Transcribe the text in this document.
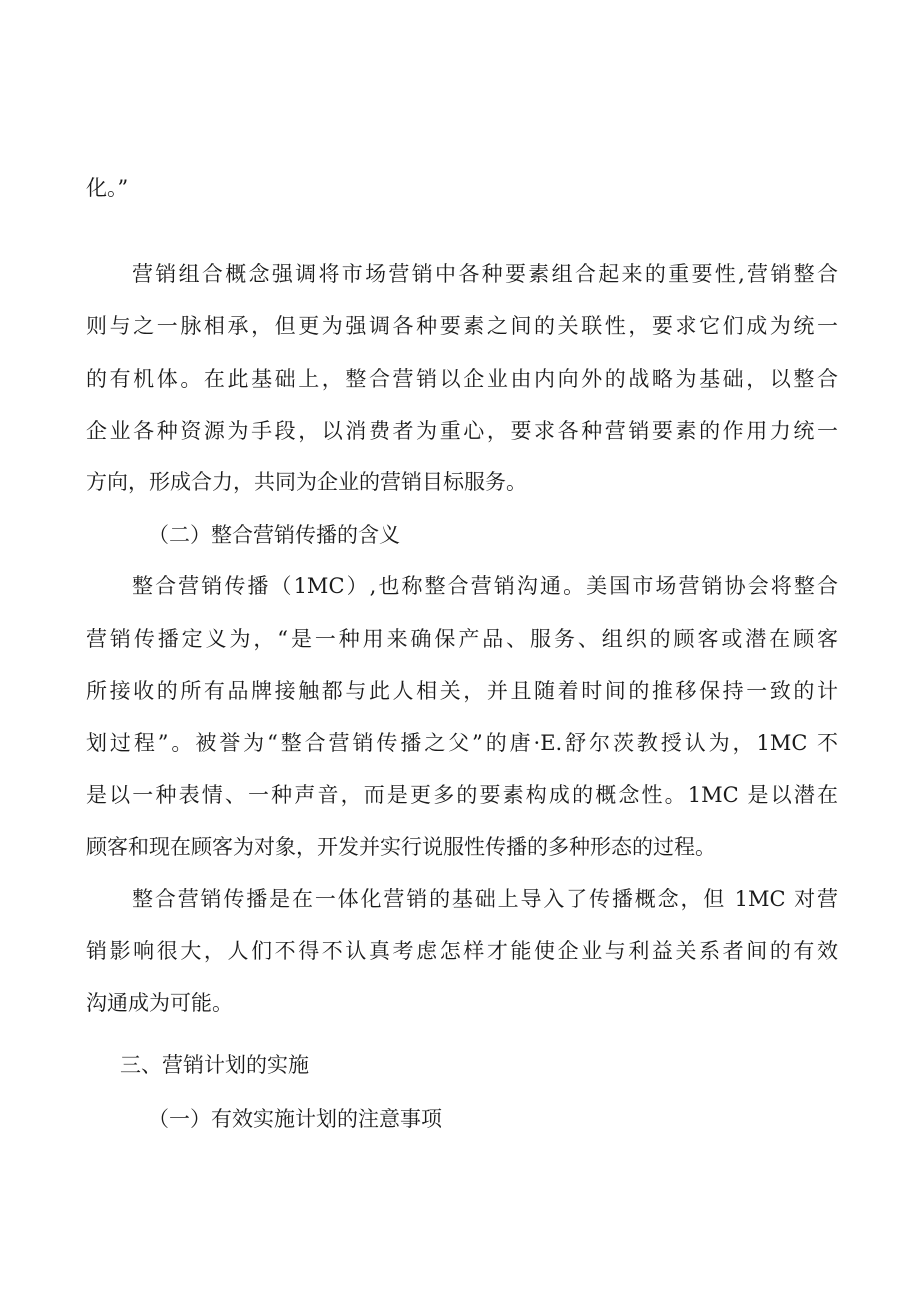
化。”
营销组合概念强调将市场营销中各种要素组合起来的重要性,营销整合
则与之一脉相承，但更为强调各种要素之间的关联性，要求它们成为统一
的有机体。在此基础上，整合营销以企业由内向外的战略为基础，以整合
企业各种资源为手段，以消费者为重心，要求各种营销要素的作用力统一
方向，形成合力，共同为企业的营销目标服务。
（二）整合营销传播的含义
整合营销传播（1MC）,也称整合营销沟通。美国市场营销协会将整合
营销传播定义为，“是一种用来确保产品、服务、组织的顾客或潜在顾客
所接收的所有品牌接触都与此人相关，并且随着时间的推移保持一致的计
划过程”。被誉为“整合营销传播之父”的唐·E.舒尔茨教授认为，1MC 不
是以一种表情、一种声音，而是更多的要素构成的概念性。1MC 是以潜在
顾客和现在顾客为对象，开发并实行说服性传播的多种形态的过程。
整合营销传播是在一体化营销的基础上导入了传播概念，但 1MC 对营
销影响很大，人们不得不认真考虑怎样才能使企业与利益关系者间的有效
沟通成为可能。
三、营销计划的实施
（一）有效实施计划的注意事项
